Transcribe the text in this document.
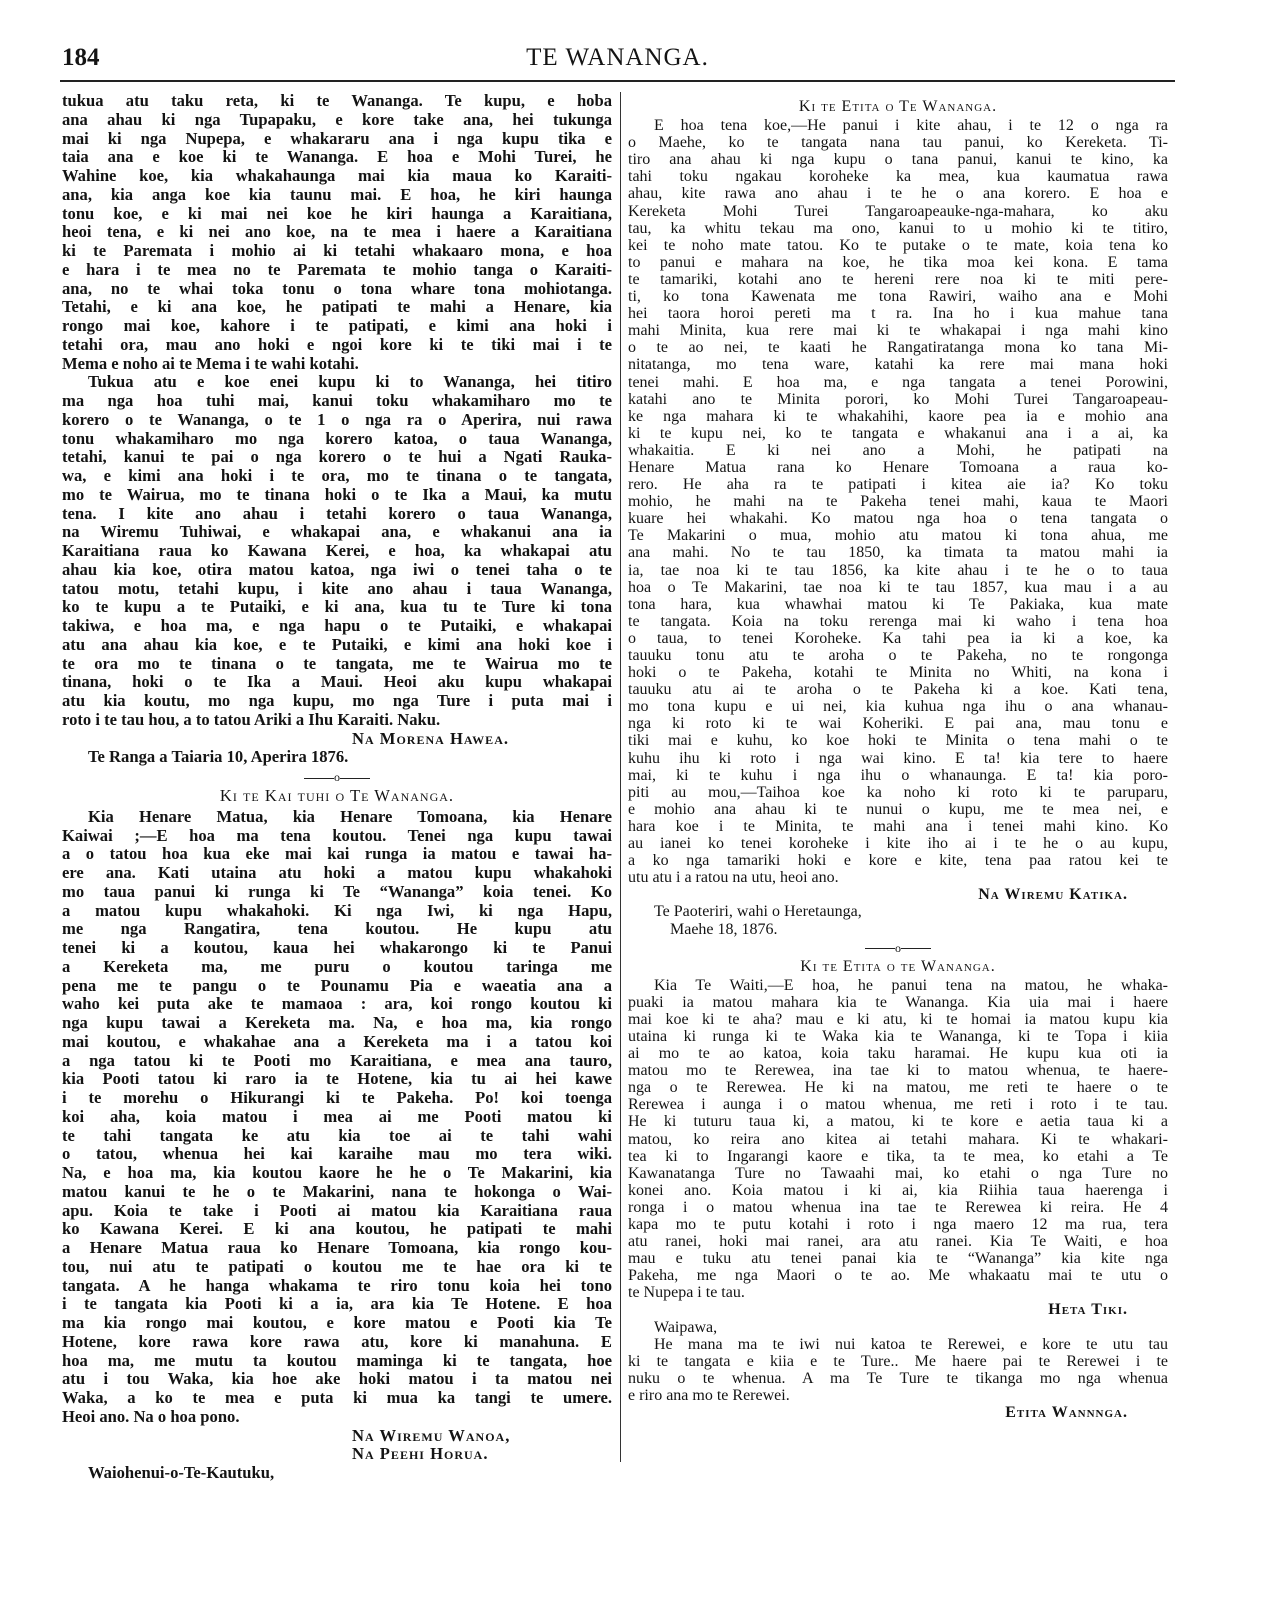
184	TE WANANGA.
tukua atu taku reta, ki te Wananga. Te kupu, e hoba
ana ahau ki nga Tupapaku, e kore take ana, hei tukunga
mai ki nga Nupepa, e whakararu ana i nga kupu tika e
taia ana e koe ki te Wananga. E hoa e Mohi Turei, he
Wahine koe, kia whakahaunga mai kia maua ko Karaiti-
ana, kia anga koe kia taunu mai. E hoa, he kiri haunga
tonu koe, e ki mai nei koe he kiri haunga a Karaitiana,
heoi tena, e ki nei ano koe, na te mea i haere a Karaitiana
ki te Paremata i mohio ai ki tetahi whakaaro mona, e hoa
e hara i te mea no te Paremata te mohio tanga o Karaiti-
ana, no te whai toka tonu o tona whare tona mohiotanga.
Tetahi, e ki ana koe, he patipati te mahi a Henare, kia
rongo mai koe, kahore i te patipati, e kimi ana hoki i
tetahi ora, mau ano hoki e ngoi kore ki te tiki mai i te
Mema e noho ai te Mema i te wahi kotahi.
Tukua atu e koe enei kupu ki to Wananga, hei titiro
ma nga hoa tuhi mai, kanui toku whakamiharo mo te
korero o te Wananga, o te 1 o nga ra o Aperira, nui rawa
tonu whakamiharo mo nga korero katoa, o taua Wananga,
tetahi, kanui te pai o nga korero o te hui a Ngati Rauka-
wa, e kimi ana hoki i te ora, mo te tinana o te tangata,
mo te Wairua, mo te tinana hoki o te Ika a Maui, ka mutu
tena. I kite ano ahau i tetahi korero o taua Wananga,
na Wiremu Tuhiwai, e whakapai ana, e whakanui ana ia
Karaitiana raua ko Kawana Kerei, e hoa, ka whakapai atu
ahau kia koe, otira matou katoa, nga iwi o tenei taha o te
tatou motu, tetahi kupu, i kite ano ahau i taua Wananga,
ko te kupu a te Putaiki, e ki ana, kua tu te Ture ki tona
takiwa, e hoa ma, e nga hapu o te Putaiki, e whakapai
atu ana ahau kia koe, e te Putaiki, e kimi ana hoki koe i
te ora mo te tinana o te tangata, me te Wairua mo te
tinana, hoki o te Ika a Maui. Heoi aku kupu whakapai
atu kia koutu, mo nga kupu, mo nga Ture i puta mai i
roto i te tau hou, a to tatou Ariki a Ihu Karaiti. Naku.
Na Morena Hawea.
Te Ranga a Taiaria 10, Aperira 1876.
o
Ki te Kai tuhi o Te Wananga.
Kia Henare Matua, kia Henare Tomoana, kia Henare
Kaiwai ;—E hoa ma tena koutou. Tenei nga kupu tawai
a o tatou hoa kua eke mai kai runga ia matou e tawai ha-
ere ana. Kati utaina atu hoki a matou kupu whakahoki
mo taua panui ki runga ki Te “Wananga” koia tenei. Ko
a matou kupu whakahoki. Ki nga Iwi, ki nga Hapu,
me nga Rangatira, tena koutou. He kupu atu
tenei ki a koutou, kaua hei whakarongo ki te Panui
a Kereketa ma, me puru o koutou taringa me
pena me te pangu o te Pounamu Pia e waeatia ana a
waho kei puta ake te mamaoa : ara, koi rongo koutou ki
nga kupu tawai a Kereketa ma. Na, e hoa ma, kia rongo
mai koutou, e whakahae ana a Kereketa ma i a tatou koi
a nga tatou ki te Pooti mo Karaitiana, e mea ana tauro,
kia Pooti tatou ki raro ia te Hotene, kia tu ai hei kawe
i te morehu o Hikurangi ki te Pakeha. Po! koi toenga
koi aha, koia matou i mea ai me Pooti matou ki
te tahi tangata ke atu kia toe ai te tahi wahi
o tatou, whenua hei kai karaihe mau mo tera wiki.
Na, e hoa ma, kia koutou kaore he he o Te Makarini, kia
matou kanui te he o te Makarini, nana te hokonga o Wai-
apu. Koia te take i Pooti ai matou kia Karaitiana raua
ko Kawana Kerei. E ki ana koutou, he patipati te mahi
a Henare Matua raua ko Henare Tomoana, kia rongo kou-
tou, nui atu te patipati o koutou me te hae ora ki te
tangata. A he hanga whakama te riro tonu koia hei tono
i te tangata kia Pooti ki a ia, ara kia Te Hotene. E hoa
ma kia rongo mai koutou, e kore matou e Pooti kia Te
Hotene, kore rawa kore rawa atu, kore ki manahuna. E
hoa ma, me mutu ta koutou maminga ki te tangata, hoe
atu i tou Waka, kia hoe ake hoki matou i ta matou nei
Waka, a ko te mea e puta ki mua ka tangi te umere.
Heoi ano. Na o hoa pono.
Na Wiremu Wanoa,
Na Peehi Horua.
Waiohenui-o-Te-Kautuku,
Ki te Etita o Te Wananga.
E hoa tena koe,—He panui i kite ahau, i te 12 o nga ra
o Maehe, ko te tangata nana tau panui, ko Kereketa. Ti-
tiro ana ahau ki nga kupu o tana panui, kanui te kino, ka
tahi toku ngakau koroheke ka mea, kua kaumatua rawa
ahau, kite rawa ano ahau i te he o ana korero. E hoa e
Kereketa Mohi Turei Tangaroapeauke-nga-mahara, ko aku
tau, ka whitu tekau ma ono, kanui to u mohio ki te titiro,
kei te noho mate tatou. Ko te putake o te mate, koia tena ko
to panui e mahara na koe, he tika moa kei kona. E tama
te tamariki, kotahi ano te hereni rere noa ki te miti pere-
ti, ko tona Kawenata me tona Rawiri, waiho ana e Mohi
hei taora horoi pereti ma t ra. Ina ho i kua mahue tana
mahi Minita, kua rere mai ki te whakapai i nga mahi kino
o te ao nei, te kaati he Rangatiratanga mona ko tana Mi-
nitatanga, mo tena ware, katahi ka rere mai mana hoki
tenei mahi. E hoa ma, e nga tangata a tenei Porowini,
katahi ano te Minita porori, ko Mohi Turei Tangaroapeau-
ke nga mahara ki te whakahihi, kaore pea ia e mohio ana
ki te kupu nei, ko te tangata e whakanui ana i a ai, ka
whakaitia. E ki nei ano a Mohi, he patipati na
Henare Matua rana ko Henare Tomoana a raua ko-
rero. He aha ra te patipati i kitea aie ia? Ko toku
mohio, he mahi na te Pakeha tenei mahi, kaua te Maori
kuare hei whakahi. Ko matou nga hoa o tena tangata o
Te Makarini o mua, mohio atu matou ki tona ahua, me
ana mahi. No te tau 1850, ka timata ta matou mahi ia
ia, tae noa ki te tau 1856, ka kite ahau i te he o to taua
hoa o Te Makarini, tae noa ki te tau 1857, kua mau i a au
tona hara, kua whawhai matou ki Te Pakiaka, kua mate
te tangata. Koia na toku rerenga mai ki waho i tena hoa
o taua, to tenei Koroheke. Ka tahi pea ia ki a koe, ka
tauuku tonu atu te aroha o te Pakeha, no te rongonga
hoki o te Pakeha, kotahi te Minita no Whiti, na kona i
tauuku atu ai te aroha o te Pakeha ki a koe. Kati tena,
mo tona kupu e ui nei, kia kuhua nga ihu o ana whanau-
nga ki roto ki te wai Koheriki. E pai ana, mau tonu e
tiki mai e kuhu, ko koe hoki te Minita o tena mahi o te
kuhu ihu ki roto i nga wai kino. E ta! kia tere to haere
mai, ki te kuhu i nga ihu o whanaunga. E ta! kia poro-
piti au mou,—Taihoa koe ka noho ki roto ki te paruparu,
e mohio ana ahau ki te nunui o kupu, me te mea nei, e
hara koe i te Minita, te mahi ana i tenei mahi kino. Ko
au ianei ko tenei koroheke i kite iho ai i te he o au kupu,
a ko nga tamariki hoki e kore e kite, tena paa ratou kei te
utu atu i a ratou na utu, heoi ano.
Na Wiremu Katika.
Te Paoteriri, wahi o Heretaunga,
Maehe 18, 1876.
o
Ki te Etita o te Wananga.
Kia Te Waiti,—E hoa, he panui tena na matou, he whaka-
puaki ia matou mahara kia te Wananga. Kia uia mai i haere
mai koe ki te aha? mau e ki atu, ki te homai ia matou kupu kia
utaina ki runga ki te Waka kia te Wananga, ki te Topa i kiia
ai mo te ao katoa, koia taku haramai. He kupu kua oti ia
matou mo te Rerewea, ina tae ki to matou whenua, te haere-
nga o te Rerewea. He ki na matou, me reti te haere o te
Rerewea i aunga i o matou whenua, me reti i roto i te tau.
He ki tuturu taua ki, a matou, ki te kore e aetia taua ki a
matou, ko reira ano kitea ai tetahi mahara. Ki te whakari-
tea ki to Ingarangi kaore e tika, ta te mea, ko etahi a Te
Kawanatanga Ture no Tawaahi mai, ko etahi o nga Ture no
konei ano. Koia matou i ki ai, kia Riihia taua haerenga i
ronga i o matou whenua ina tae te Rerewea ki reira. He 4
kapa mo te putu kotahi i roto i nga maero 12 ma rua, tera
atu ranei, hoki mai ranei, ara atu ranei. Kia Te Waiti, e hoa
mau e tuku atu tenei panai kia te “Wananga” kia kite nga
Pakeha, me nga Maori o te ao. Me whakaatu mai te utu o
te Nupepa i te tau.
Heta Tiki.
Waipawa,
He mana ma te iwi nui katoa te Rerewei, e kore te utu tau
ki te tangata e kiia e te Ture.. Me haere pai te Rerewei i te
nuku o te whenua. A ma Te Ture te tikanga mo nga whenua
e riro ana mo te Rerewei.
Etita Wannnga.
